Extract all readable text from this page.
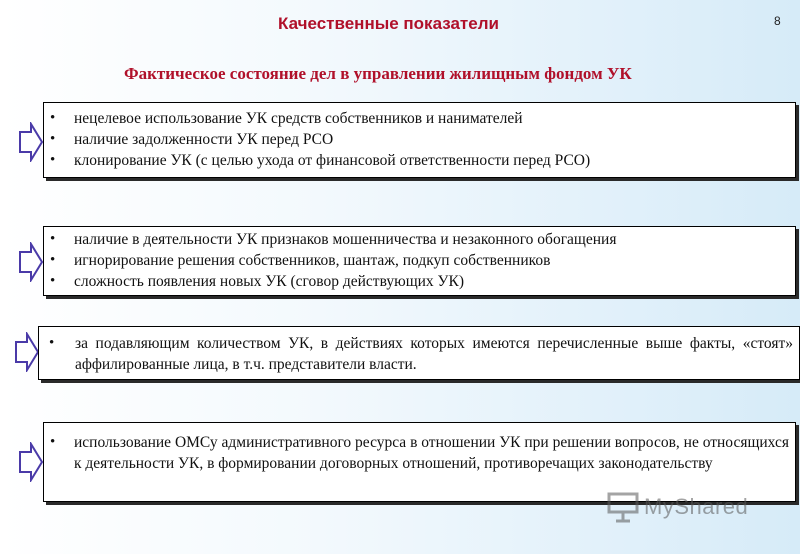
Качественные показатели	8
Фактическое состояние дел в управлении жилищным фондом УК
• нецелевое использование УК средств собственников и нанимателей
• наличие задолженности УК перед РСО
• клонирование УК (с целью ухода от финансовой ответственности перед РСО)
• наличие в деятельности УК признаков мошенничества и незаконного обогащения
• игнорирование решения собственников, шантаж, подкуп собственников
• сложность появления новых УК (сговор действующих УК)
• за подавляющим количеством УК, в действиях которых имеются перечисленные выше факты, «стоят» аффилированные лица, в т.ч. представители власти.
• использование ОМСу административного ресурса в отношении УК при решении вопросов, не относящихся к деятельности УК, в формировании договорных отношений, противоречащих законодательству
MyShared
